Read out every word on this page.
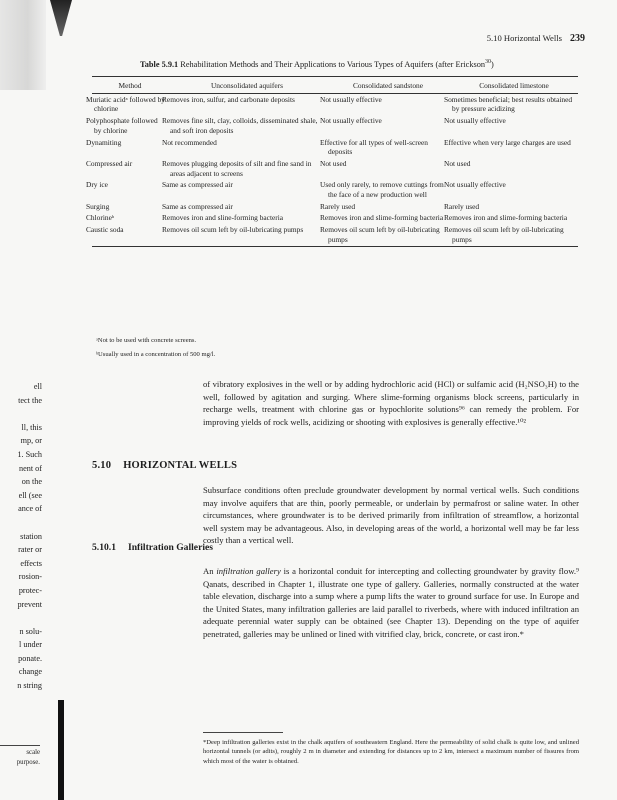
5.10 Horizontal Wells 239
Table 5.9.1 Rehabilitation Methods and Their Applications to Various Types of Aquifers (after Erickson$^{30}$)
Method	Unconsolidated aquifers	Consolidated sandstone	Consolidated limestone
Muriatic acidᵃ followed by chlorine	Removes iron, sulfur, and carbonate deposits	Not usually effective	Sometimes beneficial; best results obtained by pressure acidizing
Polyphosphate followed by chlorine	Removes fine silt, clay, colloids, disseminated shale, and soft iron deposits	Not usually effective	Not usually effective
Dynamiting	Not recommended	Effective for all types of well-screen deposits	Effective when very large charges are used
Compressed air	Removes plugging deposits of silt and fine sand in areas adjacent to screens	Not used	Not used
Dry ice	Same as compressed air	Used only rarely, to remove cuttings from the face of a new production well	Not usually effective
Surging	Same as compressed air	Rarely used	Rarely used
Chlorineᵇ	Removes iron and sline-forming bacteria	Removes iron and slime-forming bacteria	Removes iron and slime-forming bacteria
Caustic soda	Removes oil scum left by oil-lubricating pumps	Removes oil scum left by oil-lubricating pumps	Removes oil scum left by oil-lubricating pumps
ᵃNot to be used with concrete screens.
ᵇUsually used in a concentration of 500 mg/l.
ell
tect the

ll, this
mp, or
1. Such
nent of
on the
ell (see
ance of

station
rater or
effects
rosion-
protec-
prevent

n solu-
l under
ponate.
change
n string
of vibratory explosives in the well or by adding hydrochloric acid (HCl) or sulfamic acid (H₂NSO₃H) to the well, followed by agitation and surging. Where slime-forming organisms block screens, particularly in recharge wells, treatment with chlorine gas or hypochlorite solutions⁹⁶ can remedy the problem. For improving yields of rock wells, acidizing or shooting with explosives is generally effective.¹⁰²
5.10 HORIZONTAL WELLS
Subsurface conditions often preclude groundwater development by normal vertical wells. Such conditions may involve aquifers that are thin, poorly permeable, or underlain by permafrost or saline water. In other circumstances, where groundwater is to be derived primarily from infiltration of streamflow, a horizontal well system may be advantageous. Also, in developing areas of the world, a horizontal well may be far less costly than a vertical well.
5.10.1 Infiltration Galleries
An infiltration gallery is a horizontal conduit for intercepting and collecting groundwater by gravity flow.⁹ Qanats, described in Chapter 1, illustrate one type of gallery. Galleries, normally constructed at the water table elevation, discharge into a sump where a pump lifts the water to ground surface for use. In Europe and the United States, many infiltration galleries are laid parallel to riverbeds, where with induced infiltration an adequate perennial water supply can be obtained (see Chapter 13). Depending on the type of aquifer penetrated, galleries may be unlined or lined with vitrified clay, brick, concrete, or cast iron.*
*Deep infiltration galleries exist in the chalk aquifers of southeastern England. Here the permeability of solid chalk is quite low, and unlined horizontal tunnels (or adits), roughly 2 m in diameter and extending for distances up to 2 km, intersect a maximum number of fissures from which most of the water is obtained.
scale
purpose.
